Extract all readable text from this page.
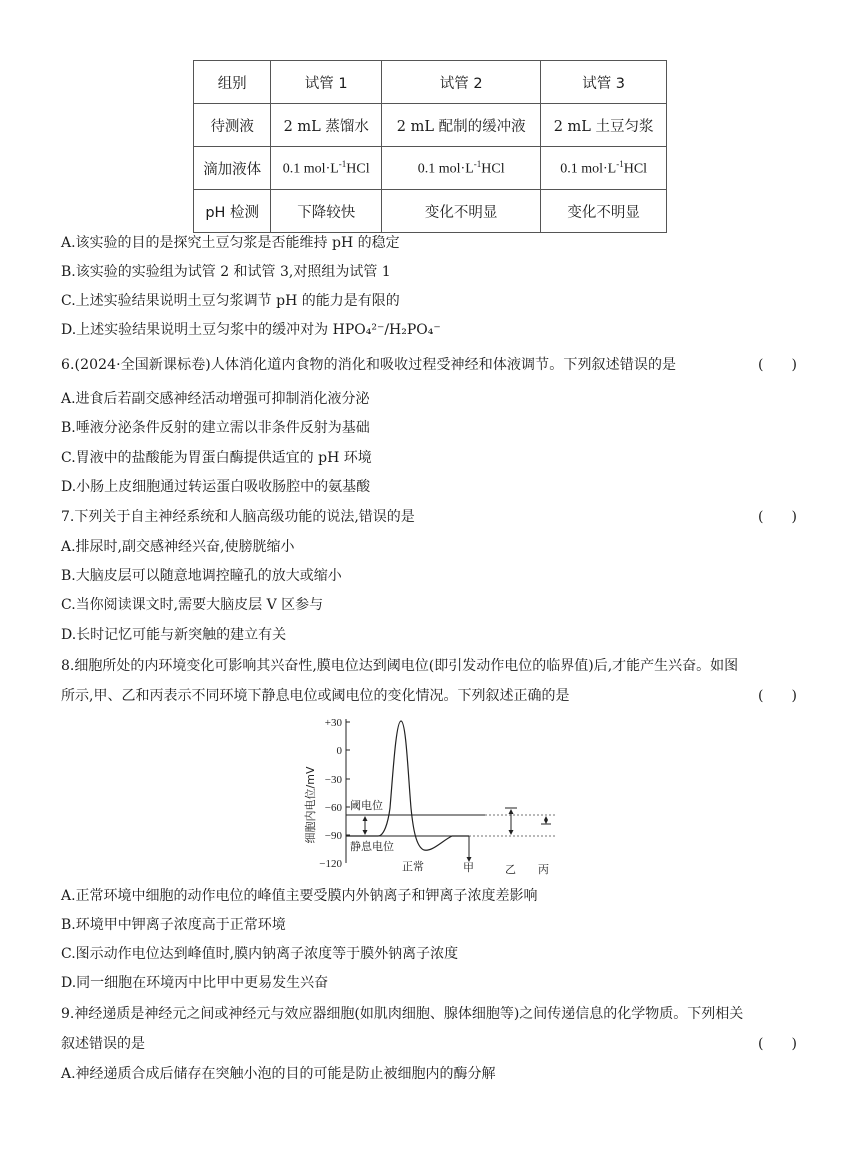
组别	试管 1	试管 2	试管 3
待测液	2 mL 蒸馏水	2 mL 配制的缓冲液	2 mL 土豆匀浆
滴加液体	0.1 $mol\cdot L^{-1}HCl$	0.1 $mol\cdot L^{-1}HCl$	0.1 $mol\cdot L^{-1}HCl$
pH 检测	下降较快	变化不明显	变化不明显
A.该实验的目的是探究土豆匀浆是否能维持 pH 的稳定
B.该实验的实验组为试管 2 和试管 3,对照组为试管 1
C.上述实验结果说明土豆匀浆调节 pH 的能力是有限的
D.上述实验结果说明土豆匀浆中的缓冲对为 HPO₄²⁻/H₂PO₄⁻
6.(2024·全国新课标卷)人体消化道内食物的消化和吸收过程受神经和体液调节。下列叙述错误的是	(　　)
A.进食后若副交感神经活动增强可抑制消化液分泌
B.唾液分泌条件反射的建立需以非条件反射为基础
C.胃液中的盐酸能为胃蛋白酶提供适宜的 pH 环境
D.小肠上皮细胞通过转运蛋白吸收肠腔中的氨基酸
7.下列关于自主神经系统和人脑高级功能的说法,错误的是	(　　)
A.排尿时,副交感神经兴奋,使膀胱缩小
B.大脑皮层可以随意地调控瞳孔的放大或缩小
C.当你阅读课文时,需要大脑皮层 V 区参与
D.长时记忆可能与新突触的建立有关
8.细胞所处的内环境变化可影响其兴奋性,膜电位达到阈电位(即引发动作电位的临界值)后,才能产生兴奋。如图
所示,甲、乙和丙表示不同环境下静息电位或阈电位的变化情况。下列叙述正确的是	(　　)
细胞内电位/mV
+30
0
−30
−60
−90
−120
阈电位
静息电位
正常	甲	乙 丙
A.正常环境中细胞的动作电位的峰值主要受膜内外钠离子和钾离子浓度差影响
B.环境甲中钾离子浓度高于正常环境
C.图示动作电位达到峰值时,膜内钠离子浓度等于膜外钠离子浓度
D.同一细胞在环境丙中比甲中更易发生兴奋
9.神经递质是神经元之间或神经元与效应器细胞(如肌肉细胞、腺体细胞等)之间传递信息的化学物质。下列相关
叙述错误的是	(　　)
A.神经递质合成后储存在突触小泡的目的可能是防止被细胞内的酶分解
